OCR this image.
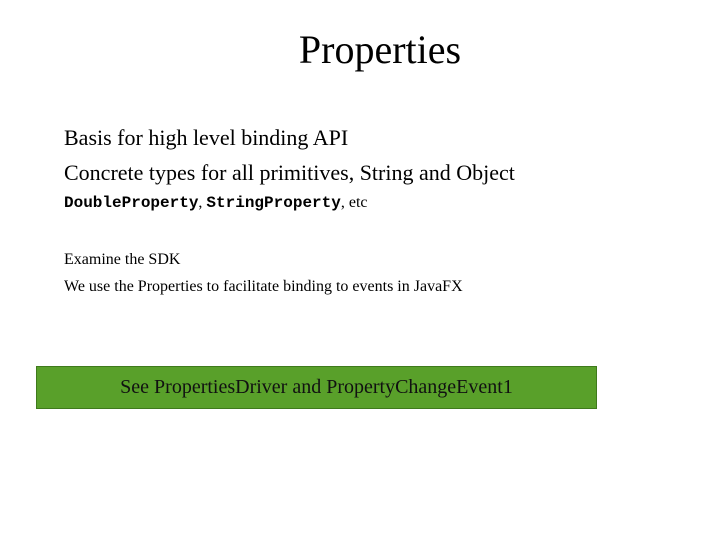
Properties
Basis for high level binding API
Concrete types for all primitives, String and Object
DoubleProperty, StringProperty, etc
Examine the SDK
We use the Properties to facilitate binding to events in JavaFX
See PropertiesDriver and PropertyChangeEvent1
